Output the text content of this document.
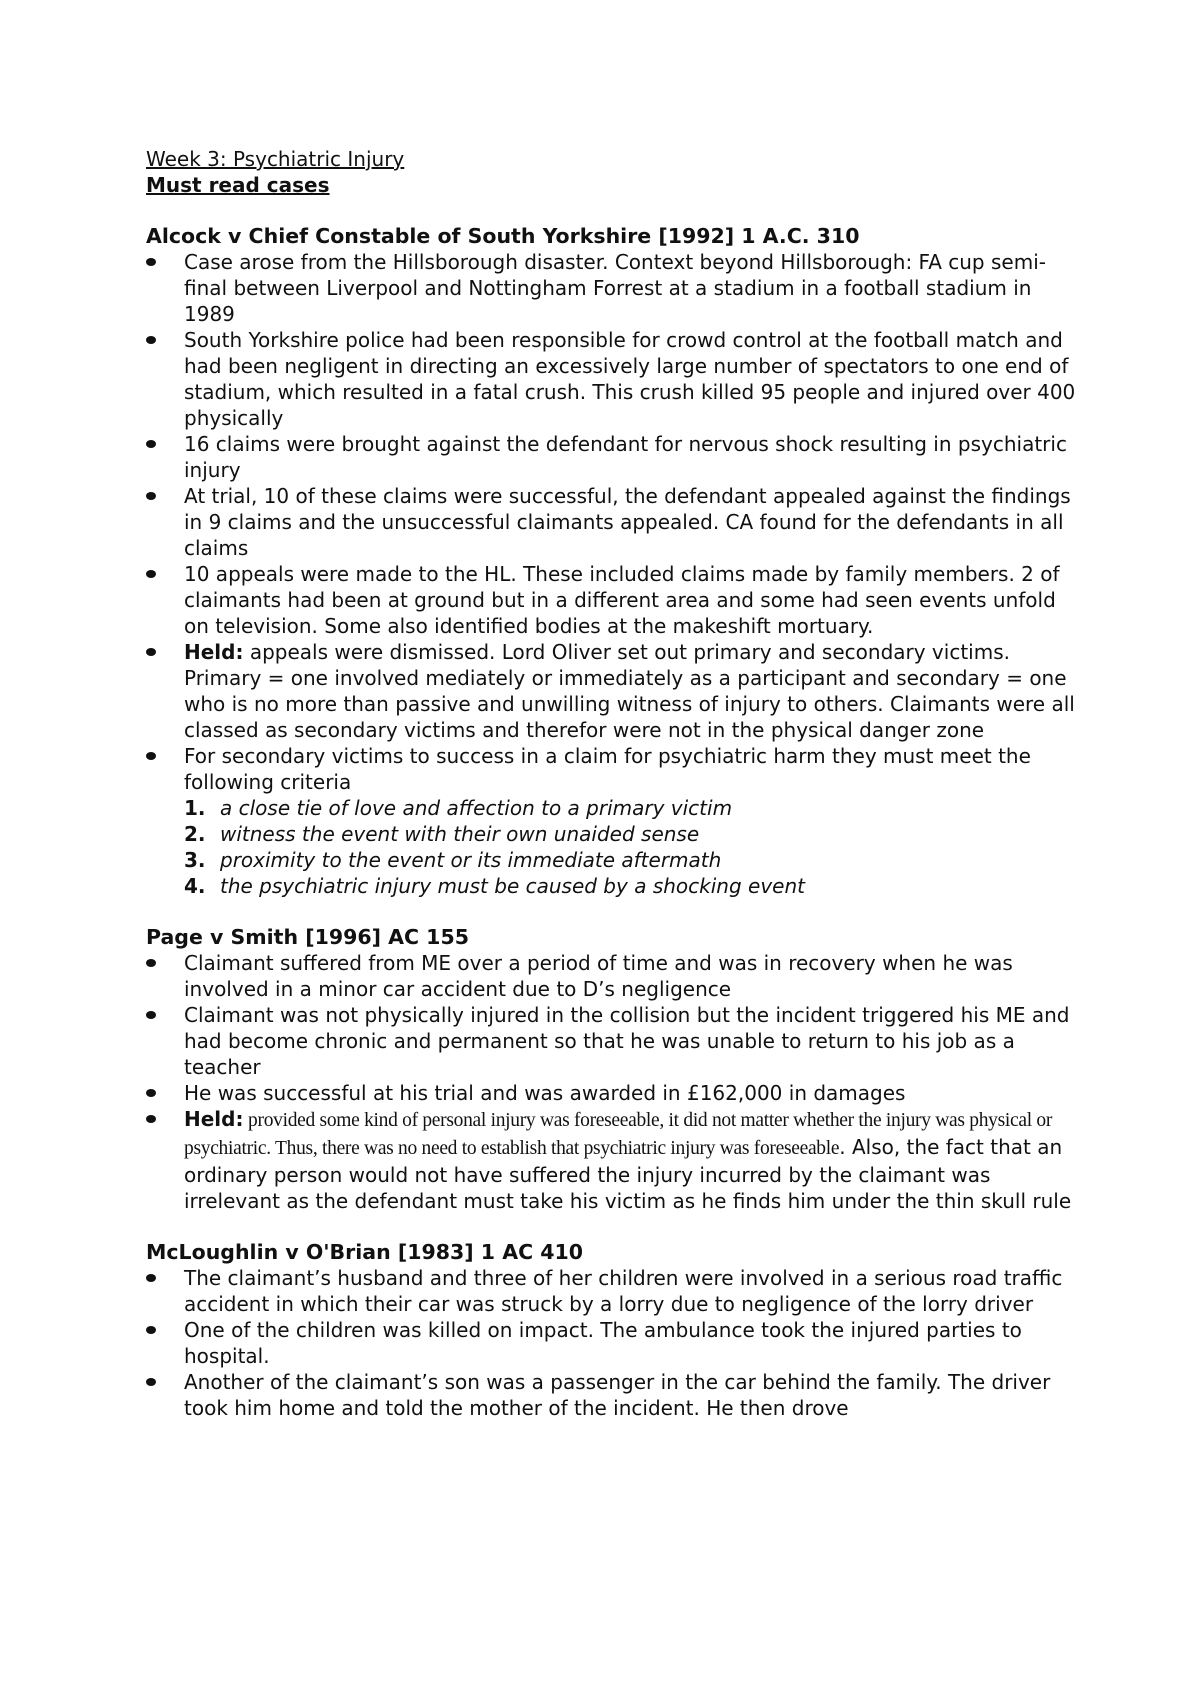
Week 3: Psychiatric Injury

Must read cases

Alcock v Chief Constable of South Yorkshire [1992] 1 A.C. 310

Case arose from the Hillsborough disaster. Context beyond Hillsborough: FA cup semi-final between Liverpool and Nottingham Forrest at a stadium in a football stadium in 1989
South Yorkshire police had been responsible for crowd control at the football match and had been negligent in directing an excessively large number of spectators to one end of stadium, which resulted in a fatal crush. This crush killed 95 people and injured over 400 physically
16 claims were brought against the defendant for nervous shock resulting in psychiatric injury
At trial, 10 of these claims were successful, the defendant appealed against the findings in 9 claims and the unsuccessful claimants appealed. CA found for the defendants in all claims
10 appeals were made to the HL. These included claims made by family members. 2 of claimants had been at ground but in a different area and some had seen events unfold on television. Some also identified bodies at the makeshift mortuary.
Held: appeals were dismissed. Lord Oliver set out primary and secondary victims. Primary = one involved mediately or immediately as a participant and secondary = one who is no more than passive and unwilling witness of injury to others. Claimants were all classed as secondary victims and therefor were not in the physical danger zone
For secondary victims to success in a claim for psychiatric harm they must meet the following criteria
1. a close tie of love and affection to a primary victim
2. witness the event with their own unaided sense
3. proximity to the event or its immediate aftermath
4. the psychiatric injury must be caused by a shocking event

Page v Smith [1996] AC 155

Claimant suffered from ME over a period of time and was in recovery when he was involved in a minor car accident due to D’s negligence
Claimant was not physically injured in the collision but the incident triggered his ME and had become chronic and permanent so that he was unable to return to his job as a teacher
He was successful at his trial and was awarded in £162,000 in damages
Held: provided some kind of personal injury was foreseeable, it did not matter whether the injury was physical or psychiatric. Thus, there was no need to establish that psychiatric injury was foreseeable. Also, the fact that an ordinary person would not have suffered the injury incurred by the claimant was irrelevant as the defendant must take his victim as he finds him under the thin skull rule

McLoughlin v O'Brian [1983] 1 AC 410

The claimant’s husband and three of her children were involved in a serious road traffic accident in which their car was struck by a lorry due to negligence of the lorry driver
One of the children was killed on impact. The ambulance took the injured parties to hospital.
Another of the claimant’s son was a passenger in the car behind the family. The driver took him home and told the mother of the incident. He then drove
